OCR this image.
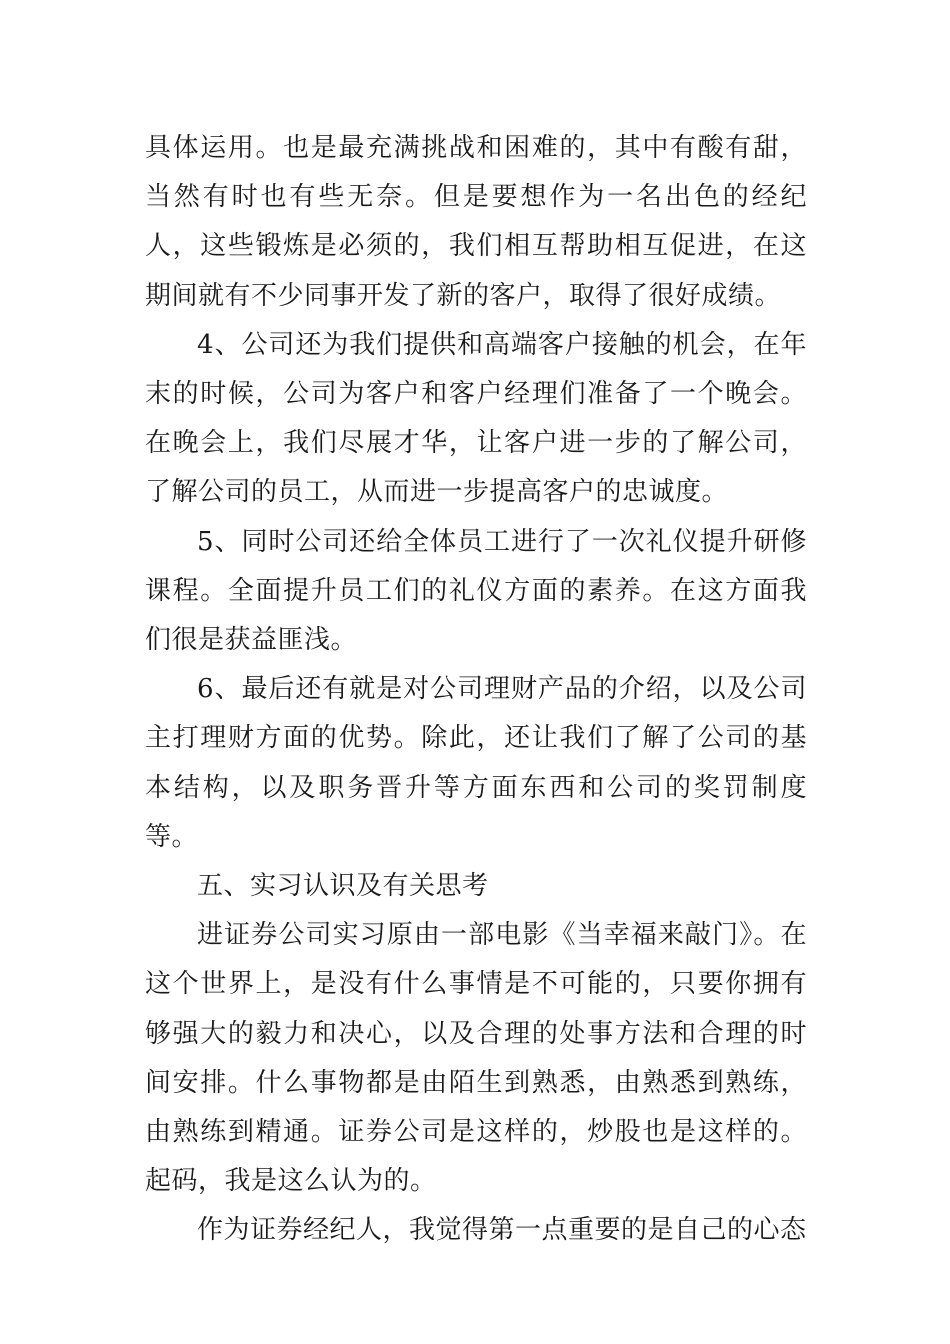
具体运用。也是最充满挑战和困难的，其中有酸有甜，当然有时也有些无奈。但是要想作为一名出色的经纪人，这些锻炼是必须的，我们相互帮助相互促进，在这期间就有不少同事开发了新的客户，取得了很好成绩。

4、公司还为我们提供和高端客户接触的机会，在年末的时候，公司为客户和客户经理们准备了一个晚会。在晚会上，我们尽展才华，让客户进一步的了解公司，了解公司的员工，从而进一步提高客户的忠诚度。

5、同时公司还给全体员工进行了一次礼仪提升研修课程。全面提升员工们的礼仪方面的素养。在这方面我们很是获益匪浅。

6、最后还有就是对公司理财产品的介绍，以及公司主打理财方面的优势。除此，还让我们了解了公司的基本结构，以及职务晋升等方面东西和公司的奖罚制度等。

五、实习认识及有关思考

进证券公司实习原由一部电影《当幸福来敲门》。在这个世界上，是没有什么事情是不可能的，只要你拥有够强大的毅力和决心，以及合理的处事方法和合理的时间安排。什么事物都是由陌生到熟悉，由熟悉到熟练，由熟练到精通。证券公司是这样的，炒股也是这样的。起码，我是这么认为的。

作为证券经纪人，我觉得第一点重要的是自己的心态
